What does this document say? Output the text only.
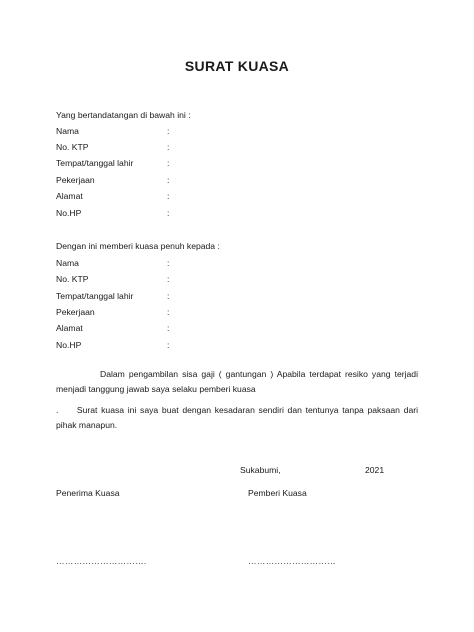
SURAT KUASA
Yang bertandatangan di bawah ini :
Nama	:
No. KTP	:
Tempat/tanggal lahir	:
Pekerjaan	:
Alamat	:
No.HP	:
Dengan ini memberi kuasa penuh kepada :
Nama	:
No. KTP	:
Tempat/tanggal lahir	:
Pekerjaan	:
Alamat	:
No.HP	:
Dalam pengambilan sisa gaji ( gantungan ) Apabila terdapat resiko yang terjadi menjadi tanggung jawab saya selaku pemberi kuasa
.     Surat kuasa ini saya buat dengan kesadaran sendiri dan tentunya tanpa paksaan dari pihak manapun.
Sukabumi,	2021
Penerima Kuasa	Pemberi Kuasa
………………………….	…………………………
